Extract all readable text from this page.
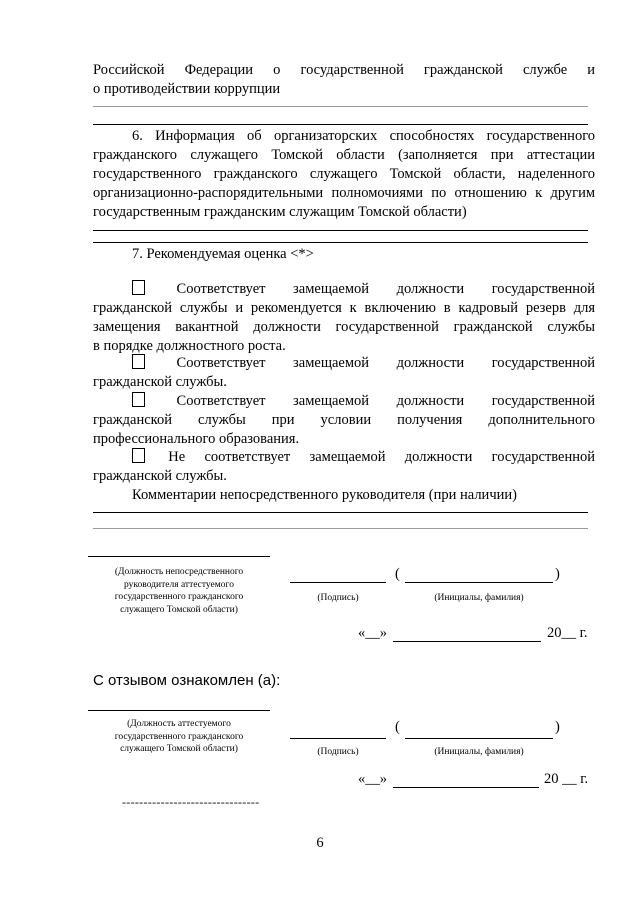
Российской Федерации о государственной гражданской службе и
о противодействии коррупции
6. Информация об организаторских способностях государственного
гражданского служащего Томской области (заполняется при аттестации
государственного гражданского служащего Томской области, наделенного
организационно-распорядительными полномочиями по отношению к другим
государственным гражданским служащим Томской области)
7. Рекомендуемая оценка <*>
Соответствует замещаемой должности государственной
гражданской службы и рекомендуется к включению в кадровый резерв для
замещения вакантной должности государственной гражданской службы
в порядке должностного роста.
Соответствует замещаемой должности государственной
гражданской службы.
Соответствует замещаемой должности государственной
гражданской службы при условии получения дополнительного
профессионального образования.
Не соответствует замещаемой должности государственной
гражданской службы.
Комментарии непосредственного руководителя (при наличии)
(Должность непосредственного
руководителя аттестуемого
государственного гражданского
служащего Томской области)
(	)
(Подпись)	(Инициалы, фамилия)
«__»	20__ г.
С отзывом ознакомлен (а):
(Должность аттестуемого
государственного гражданского
служащего Томской области)
(	)
(Подпись)	(Инициалы, фамилия)
«__»	20 __ г.
--------------------------------
6
